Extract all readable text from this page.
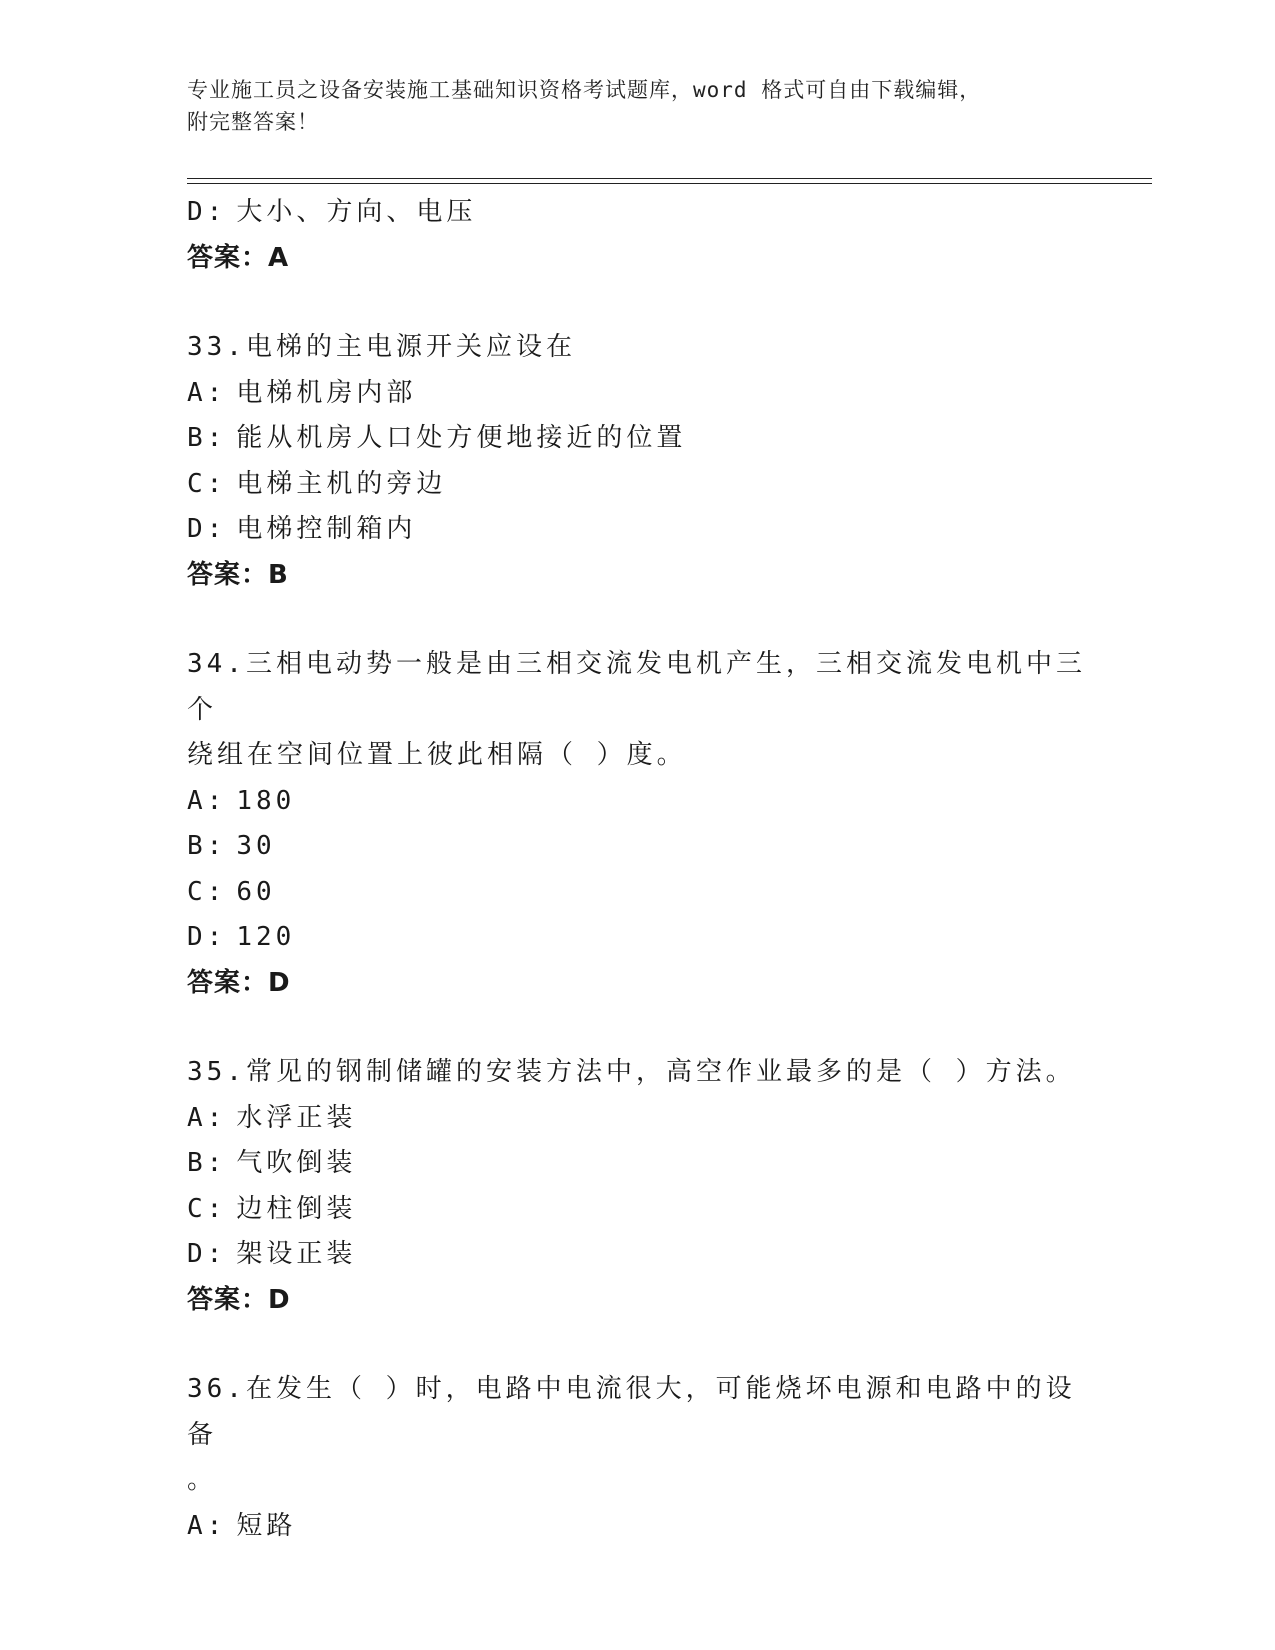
专业施工员之设备安装施工基础知识资格考试题库，word 格式可自由下载编辑，
附完整答案！
D: 大小、方向、电压
答案：A
33.电梯的主电源开关应设在
A: 电梯机房内部
B: 能从机房人口处方便地接近的位置
C: 电梯主机的旁边
D: 电梯控制箱内
答案：B
34.三相电动势一般是由三相交流发电机产生，三相交流发电机中三个
绕组在空间位置上彼此相隔（ ）度。
A: 180
B: 30
C: 60
D: 120
答案：D
35.常见的钢制储罐的安装方法中，高空作业最多的是（ ）方法。
A: 水浮正装
B: 气吹倒装
C: 边柱倒装
D: 架设正装
答案：D
36.在发生（ ）时，电路中电流很大，可能烧坏电源和电路中的设备
。
A: 短路
